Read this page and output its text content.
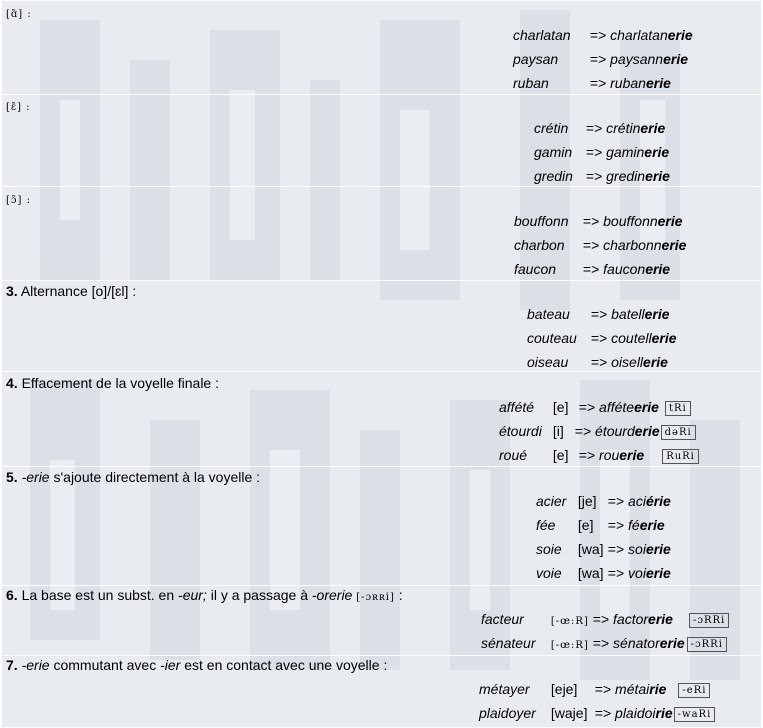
[ɑ̃] :
[ɛ̃] :
[ɔ̃] :
3. Alternance [o]/[ɛl] :
4. Effacement de la voyelle finale :
5. -erie s'ajoute directement à la voyelle :
6. La base est un subst. en -eur; il y a passage à -orerie [-ɔʀʀi] :
7. -erie commutant avec -ier est en contact avec une voyelle :
charlatan => charlatanerie
paysan => paysannerie
ruban	=> rubanerie
crétin => crétinerie
gamin => gaminerie
gredin => gredinerie
bouffonn => bouffonnerie
charbon => charbonnerie
faucon => fauconerie
bateau => batellerie
couteau => coutellerie
oiseau => oisellerie
affété [e] => afféteerie tRi
étourdi [i] => étourderie dəRi
roué [e] => rouerie RuRi
acier [je] => aciérie
fée [e] => féerie
soie [wa] => soierie
voie [wa] => voierie
facteur	[-œ:R] => factorerie -ɔRRi
sénateur [-œ:R] => sénatorerie -ɔRRi
métayer [eje] => métairie -eRi
plaidoyer [waje] => plaidoirie -waRi
